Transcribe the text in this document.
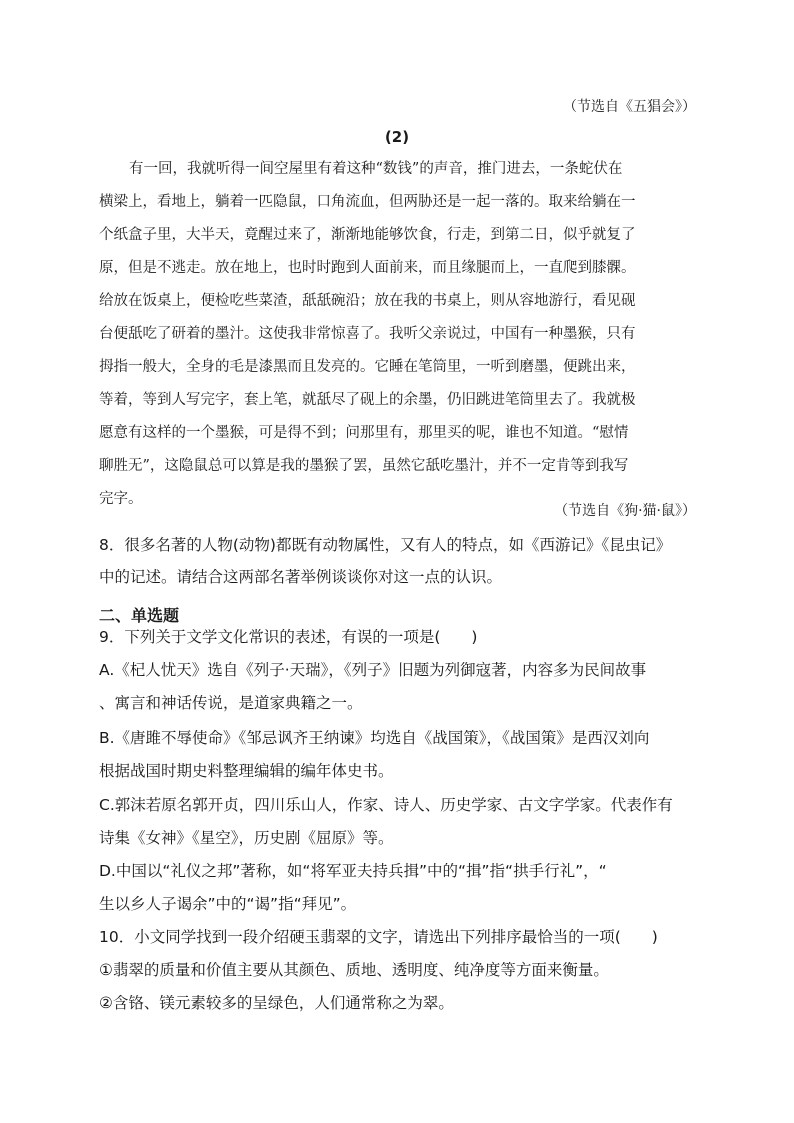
（节选自《五猖会》）
(2)
有一回，我就听得一间空屋里有着这种“数钱”的声音，推门进去，一条蛇伏在
横梁上，看地上，躺着一匹隐鼠，口角流血，但两胁还是一起一落的。取来给躺在一
个纸盒子里，大半天，竟醒过来了，渐渐地能够饮食，行走，到第二日，似乎就复了
原，但是不逃走。放在地上，也时时跑到人面前来，而且缘腿而上，一直爬到膝髁。
给放在饭桌上，便检吃些菜渣，舐舐碗沿；放在我的书桌上，则从容地游行，看见砚
台便舐吃了研着的墨汁。这使我非常惊喜了。我听父亲说过，中国有一种墨猴，只有
拇指一般大，全身的毛是漆黑而且发亮的。它睡在笔筒里，一听到磨墨，便跳出来，
等着，等到人写完字，套上笔，就舐尽了砚上的余墨，仍旧跳进笔筒里去了。我就极
愿意有这样的一个墨猴，可是得不到；问那里有，那里买的呢，谁也不知道。“慰情
聊胜无”，这隐鼠总可以算是我的墨猴了罢，虽然它舐吃墨汁，并不一定肯等到我写
完字。
（节选自《狗·猫·鼠》）
8．很多名著的人物(动物)都既有动物属性，又有人的特点，如《西游记》《昆虫记》
中的记述。请结合这两部名著举例谈谈你对这一点的认识。
二、单选题
9．下列关于文学文化常识的表述，有误的一项是(　　)
A.《杞人忧天》选自《列子·天瑞》，《列子》旧题为列御寇著，内容多为民间故事
、寓言和神话传说，是道家典籍之一。
B.《唐雎不辱使命》《邹忌讽齐王纳谏》均选自《战国策》，《战国策》是西汉刘向
根据战国时期史料整理编辑的编年体史书。
C.郭沫若原名郭开贞，四川乐山人，作家、诗人、历史学家、古文字学家。代表作有
诗集《女神》《星空》，历史剧《屈原》等。
D.中国以“礼仪之邦”著称，如“将军亚夫持兵揖”中的“揖”指“拱手行礼”，“
生以乡人子谒余”中的“谒”指“拜见”。
10．小文同学找到一段介绍硬玉翡翠的文字，请选出下列排序最恰当的一项(　　)
①翡翠的质量和价值主要从其颜色、质地、透明度、纯净度等方面来衡量。
②含铬、镁元素较多的呈绿色，人们通常称之为翠。
